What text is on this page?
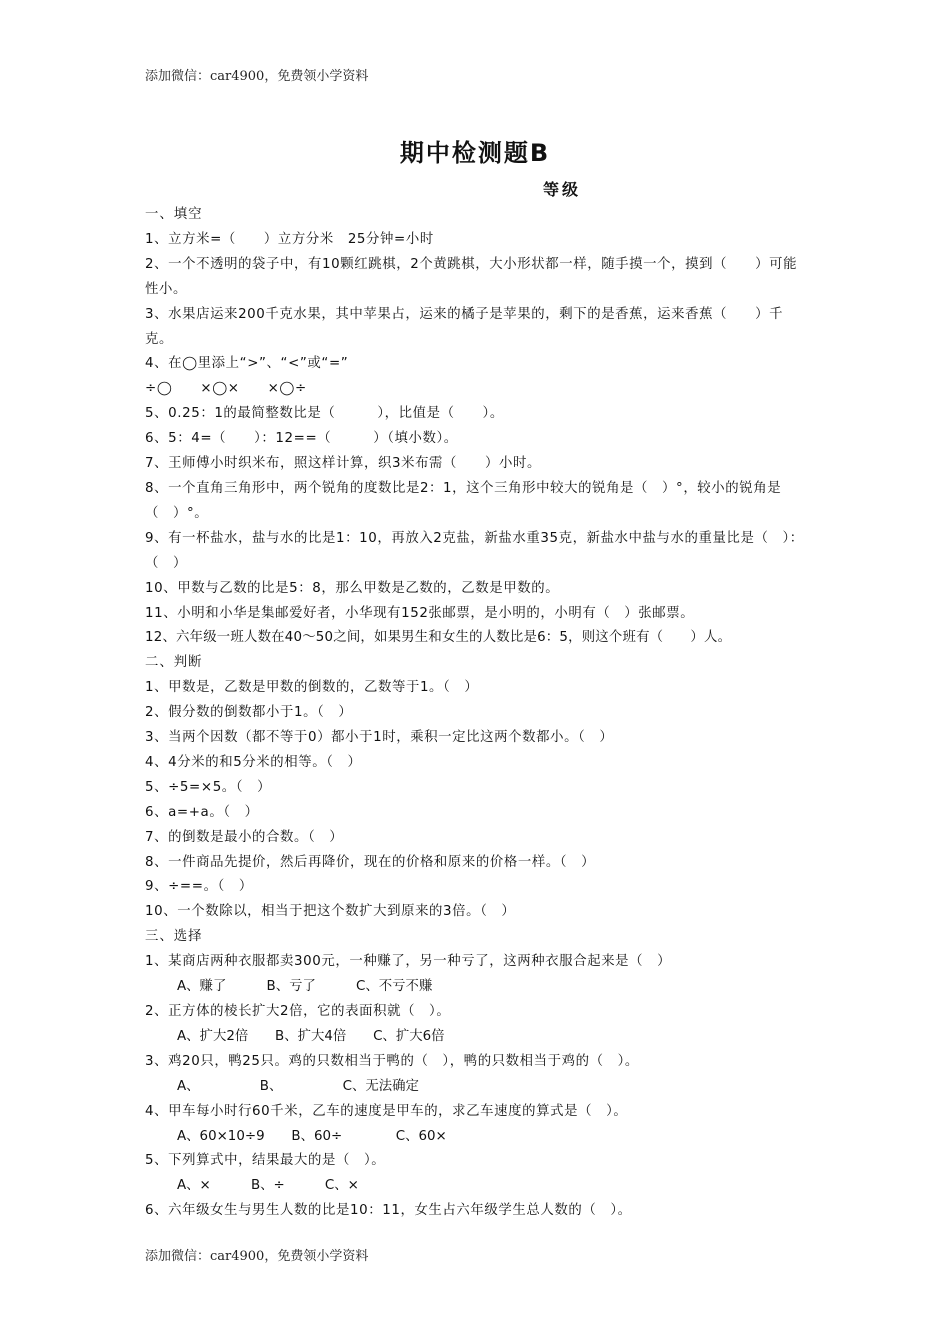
添加微信：car4900，免费领小学资料
期中检测题B
等级
一、填空
1、立方米=（　　）立方分米　25分钟=小时
2、一个不透明的袋子中，有10颗红跳棋，2个黄跳棋，大小形状都一样，随手摸一个，摸到（　　）可能性小。
3、水果店运来200千克水果，其中苹果占，运来的橘子是苹果的，剩下的是香蕉，运来香蕉（　　）千克。
4、在◯里添上“>”、“<”或“=”
÷◯　　×◯×　　×◯÷
5、0.25：1的最简整数比是（　　　），比值是（　　）。
6、5：4=（　　）：12==（　　　）（填小数）。
7、王师傅小时织米布，照这样计算，织3米布需（　　）小时。
8、一个直角三角形中，两个锐角的度数比是2：1，这个三角形中较大的锐角是（　）°，较小的锐角是（　）°。
9、有一杯盐水，盐与水的比是1：10，再放入2克盐，新盐水重35克，新盐水中盐与水的重量比是（　）：（　）
10、甲数与乙数的比是5：8，那么甲数是乙数的，乙数是甲数的。
11、小明和小华是集邮爱好者，小华现有152张邮票，是小明的，小明有（　）张邮票。
12、六年级一班人数在40～50之间，如果男生和女生的人数比是6：5，则这个班有（　　）人。
二、判断
1、甲数是，乙数是甲数的倒数的，乙数等于1。（　）
2、假分数的倒数都小于1。（　）
3、当两个因数（都不等于0）都小于1时，乘积一定比这两个数都小。（　）
4、4分米的和5分米的相等。（　）
5、÷5=×5。（　）
6、a=+a。（　）
7、的倒数是最小的合数。（　）
8、一件商品先提价，然后再降价，现在的价格和原来的价格一样。（　）
9、÷==。（　）
10、一个数除以，相当于把这个数扩大到原来的3倍。（　）
三、选择
1、某商店两种衣服都卖300元，一种赚了，另一种亏了，这两种衣服合起来是（　）
A、赚了　　　B、亏了　　　C、不亏不赚
2、正方体的棱长扩大2倍，它的表面积就（　）。
A、扩大2倍　　B、扩大4倍　　C、扩大6倍
3、鸡20只，鸭25只。鸡的只数相当于鸭的（　），鸭的只数相当于鸡的（　）。
A、　　　　　B、　　　　　C、无法确定
4、甲车每小时行60千米，乙车的速度是甲车的，求乙车速度的算式是（　）。
A、60×10÷9　　B、60÷　　　　C、60×
5、下列算式中，结果最大的是（　）。
A、×　　　B、÷　　　C、×
6、六年级女生与男生人数的比是10：11，女生占六年级学生总人数的（　）。
添加微信：car4900，免费领小学资料
